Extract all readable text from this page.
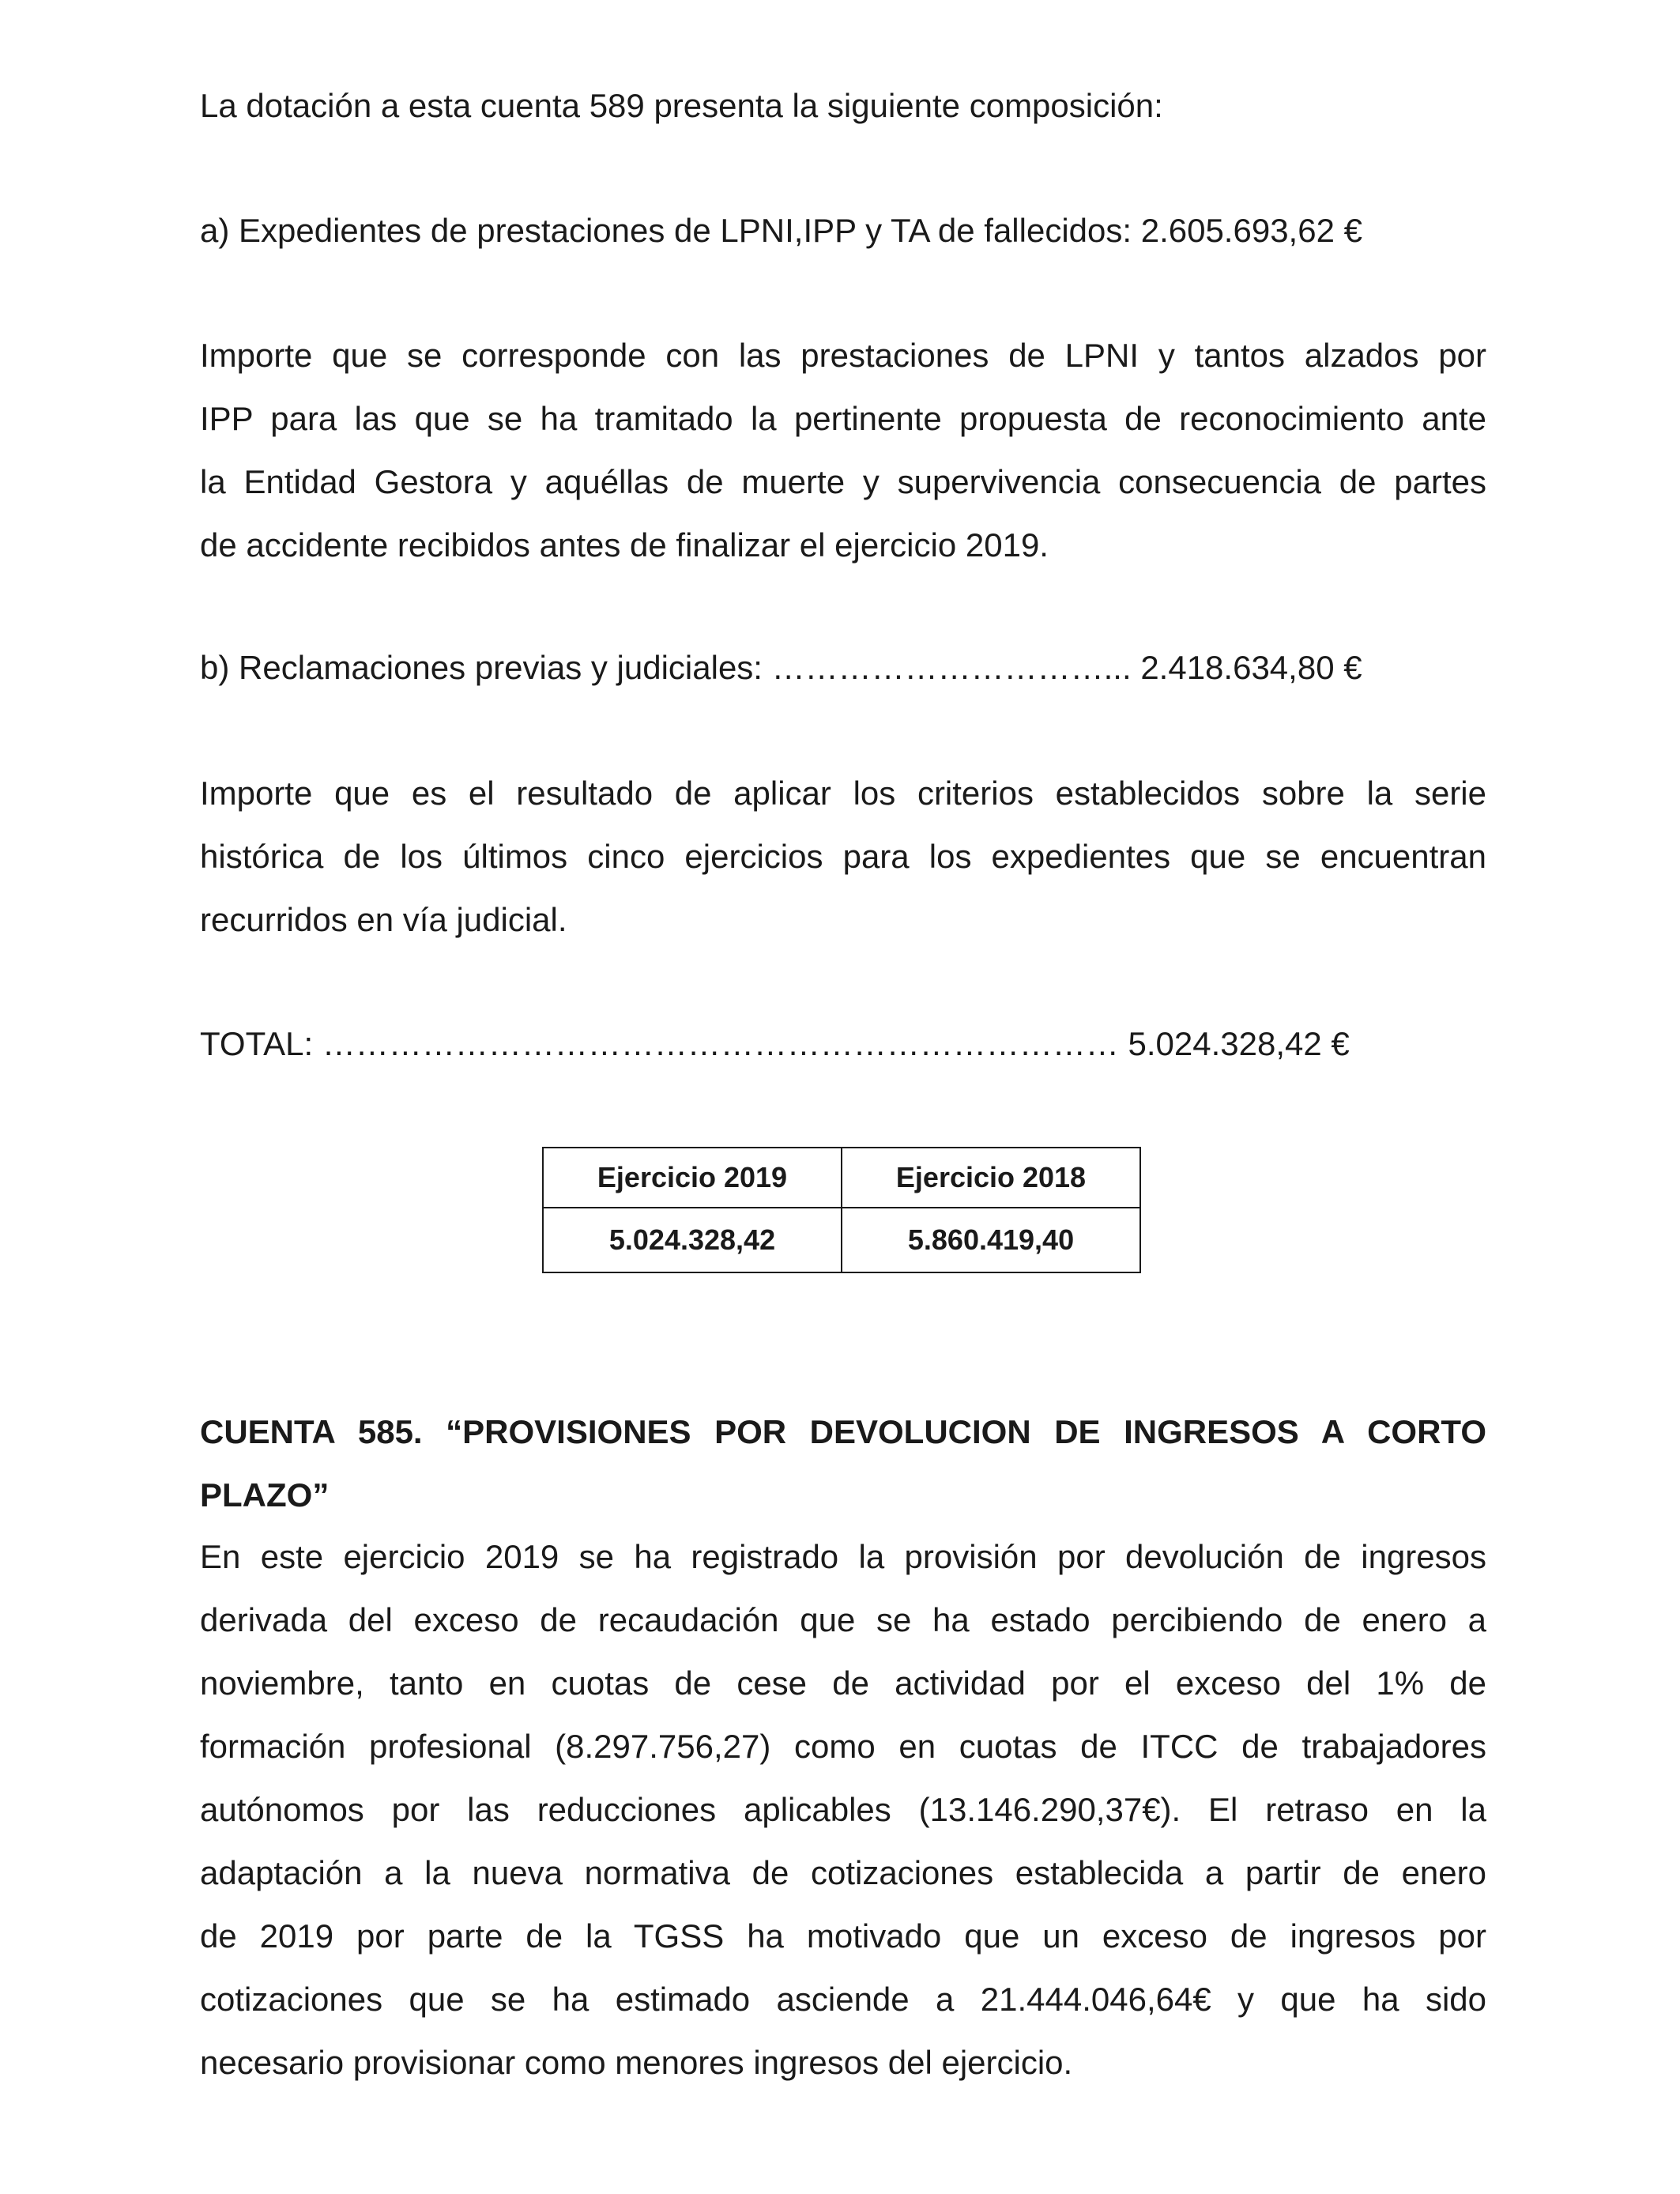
La dotación a esta cuenta 589 presenta la siguiente composición:
a) Expedientes de prestaciones de LPNI,IPP y TA de fallecidos: 2.605.693,62 €
Importe que se corresponde con las prestaciones de LPNI y tantos alzados por
IPP para las que se ha tramitado la pertinente propuesta de reconocimiento ante
la Entidad Gestora y aquéllas de muerte y supervivencia consecuencia de partes
de accidente recibidos antes de finalizar el ejercicio 2019.
b) Reclamaciones previas y judiciales: …………………………... 2.418.634,80 €
Importe que es el resultado de aplicar los criterios establecidos sobre la serie
histórica de los últimos cinco ejercicios para los expedientes que se encuentran
recurridos en vía judicial.
TOTAL: ……………………………………………………………… 5.024.328,42 €
Ejercicio 2019	Ejercicio 2018
5.024.328,42	5.860.419,40
CUENTA 585. “PROVISIONES POR DEVOLUCION DE INGRESOS A CORTO
PLAZO”
En este ejercicio 2019 se ha registrado la provisión por devolución de ingresos
derivada del exceso de recaudación que se ha estado percibiendo de enero a
noviembre, tanto en cuotas de cese de actividad por el exceso del 1% de
formación profesional (8.297.756,27) como en cuotas de ITCC de trabajadores
autónomos por las reducciones aplicables (13.146.290,37€). El retraso en la
adaptación a la nueva normativa de cotizaciones establecida a partir de enero
de 2019 por parte de la TGSS ha motivado que un exceso de ingresos por
cotizaciones que se ha estimado asciende a 21.444.046,64€ y que ha sido
necesario provisionar como menores ingresos del ejercicio.
